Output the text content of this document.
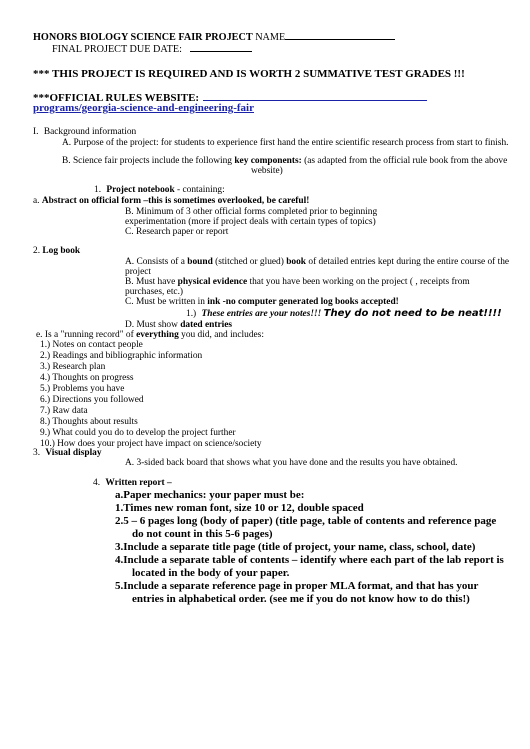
HONORS BIOLOGY SCIENCE FAIR PROJECT NAME
FINAL PROJECT DUE DATE:
*** THIS PROJECT IS REQUIRED AND IS WORTH 2 SUMMATIVE TEST GRADES !!!
***OFFICIAL RULES WEBSITE:
programs/georgia-science-and-engineering-fair
I. Background information
A. Purpose of the project: for students to experience first hand the entire scientific research process from start to finish.
B. Science fair projects include the following key components: (as adapted from the official rule book from the above
website)
1. Project notebook - containing:
a. Abstract on official form –this is sometimes overlooked, be careful!
B. Minimum of 3 other official forms completed prior to beginning
experimentation (more if project deals with certain types of topics)
C. Research paper or report
2. Log book
A. Consists of a bound (stitched or glued) book of detailed entries kept during the entire course of the
project
B. Must have physical evidence that you have been working on the project ( , receipts from
purchases, etc.)
C. Must be written in ink -no computer generated log books accepted!
1.) These entries are your notes!!! They do not need to be neat!!!!
D. Must show dated entries
e. Is a "running record" of everything you did, and includes:
1.) Notes on contact people
2.) Readings and bibliographic information
3.) Research plan
4.) Thoughts on progress
5.) Problems you have
6.) Directions you followed
7.) Raw data
8.) Thoughts about results
9.) What could you do to develop the project further
10.) How does your project have impact on science/society
3. Visual display
A. 3-sided back board that shows what you have done and the results you have obtained.
4. Written report –
a.Paper mechanics: your paper must be:
1.Times new roman font, size 10 or 12, double spaced
2.5 – 6 pages long (body of paper) (title page, table of contents and reference page
do not count in this 5-6 pages)
3.Include a separate title page (title of project, your name, class, school, date)
4.Include a separate table of contents – identify where each part of the lab report is
located in the body of your paper.
5.Include a separate reference page in proper MLA format, and that has your
entries in alphabetical order. (see me if you do not know how to do this!)
